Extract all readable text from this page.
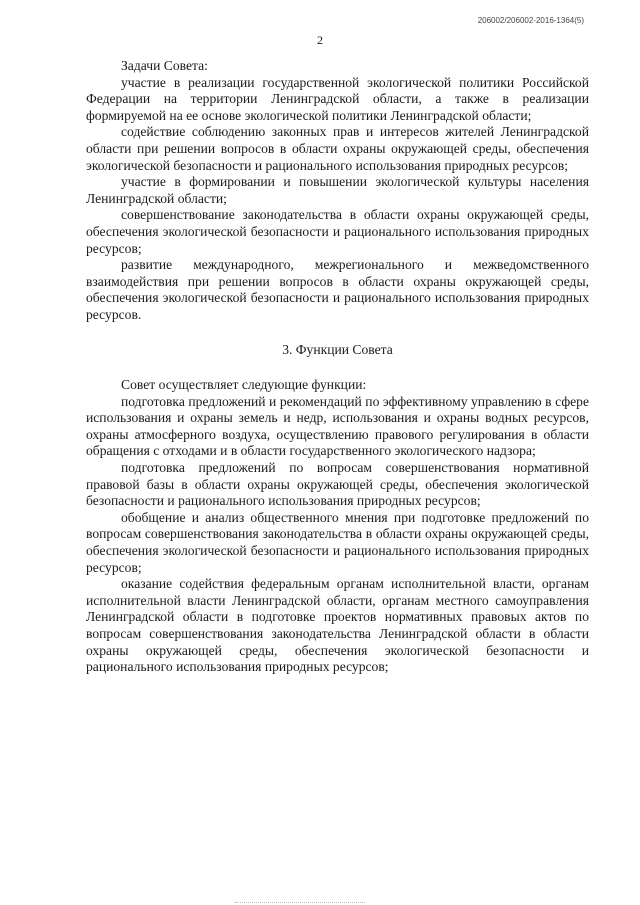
206002/206002-2016-1364(5)
2

Задачи Совета:

участие в реализации государственной экологической политики Российской Федерации на территории Ленинградской области, а также в реализации формируемой на ее основе экологической политики Ленинградской области;

содействие соблюдению законных прав и интересов жителей Ленинградской области при решении вопросов в области охраны окружающей среды, обеспечения экологической безопасности и рационального использования природных ресурсов;

участие в формировании и повышении экологической культуры населения Ленинградской области;

совершенствование законодательства в области охраны окружающей среды, обеспечения экологической безопасности и рационального использования природных ресурсов;

развитие международного, межрегионального и межведомственного взаимодействия при решении вопросов в области охраны окружающей среды, обеспечения экологической безопасности и рационального использования природных ресурсов.

3. Функции Совета

Совет осуществляет следующие функции:

подготовка предложений и рекомендаций по эффективному управлению в сфере использования и охраны земель и недр, использования и охраны водных ресурсов, охраны атмосферного воздуха, осуществлению правового регулирования в области обращения с отходами и в области государственного экологического надзора;

подготовка предложений по вопросам совершенствования нормативной правовой базы в области охраны окружающей среды, обеспечения экологической безопасности и рационального использования природных ресурсов;

обобщение и анализ общественного мнения при подготовке предложений по вопросам совершенствования законодательства в области охраны окружающей среды, обеспечения экологической безопасности и рационального использования природных ресурсов;

оказание содействия федеральным органам исполнительной власти, органам исполнительной власти Ленинградской области, органам местного самоуправления Ленинградской области в подготовке проектов нормативных правовых актов по вопросам совершенствования законодательства Ленинградской области в области охраны окружающей среды, обеспечения экологической безопасности и рационального использования природных ресурсов;
